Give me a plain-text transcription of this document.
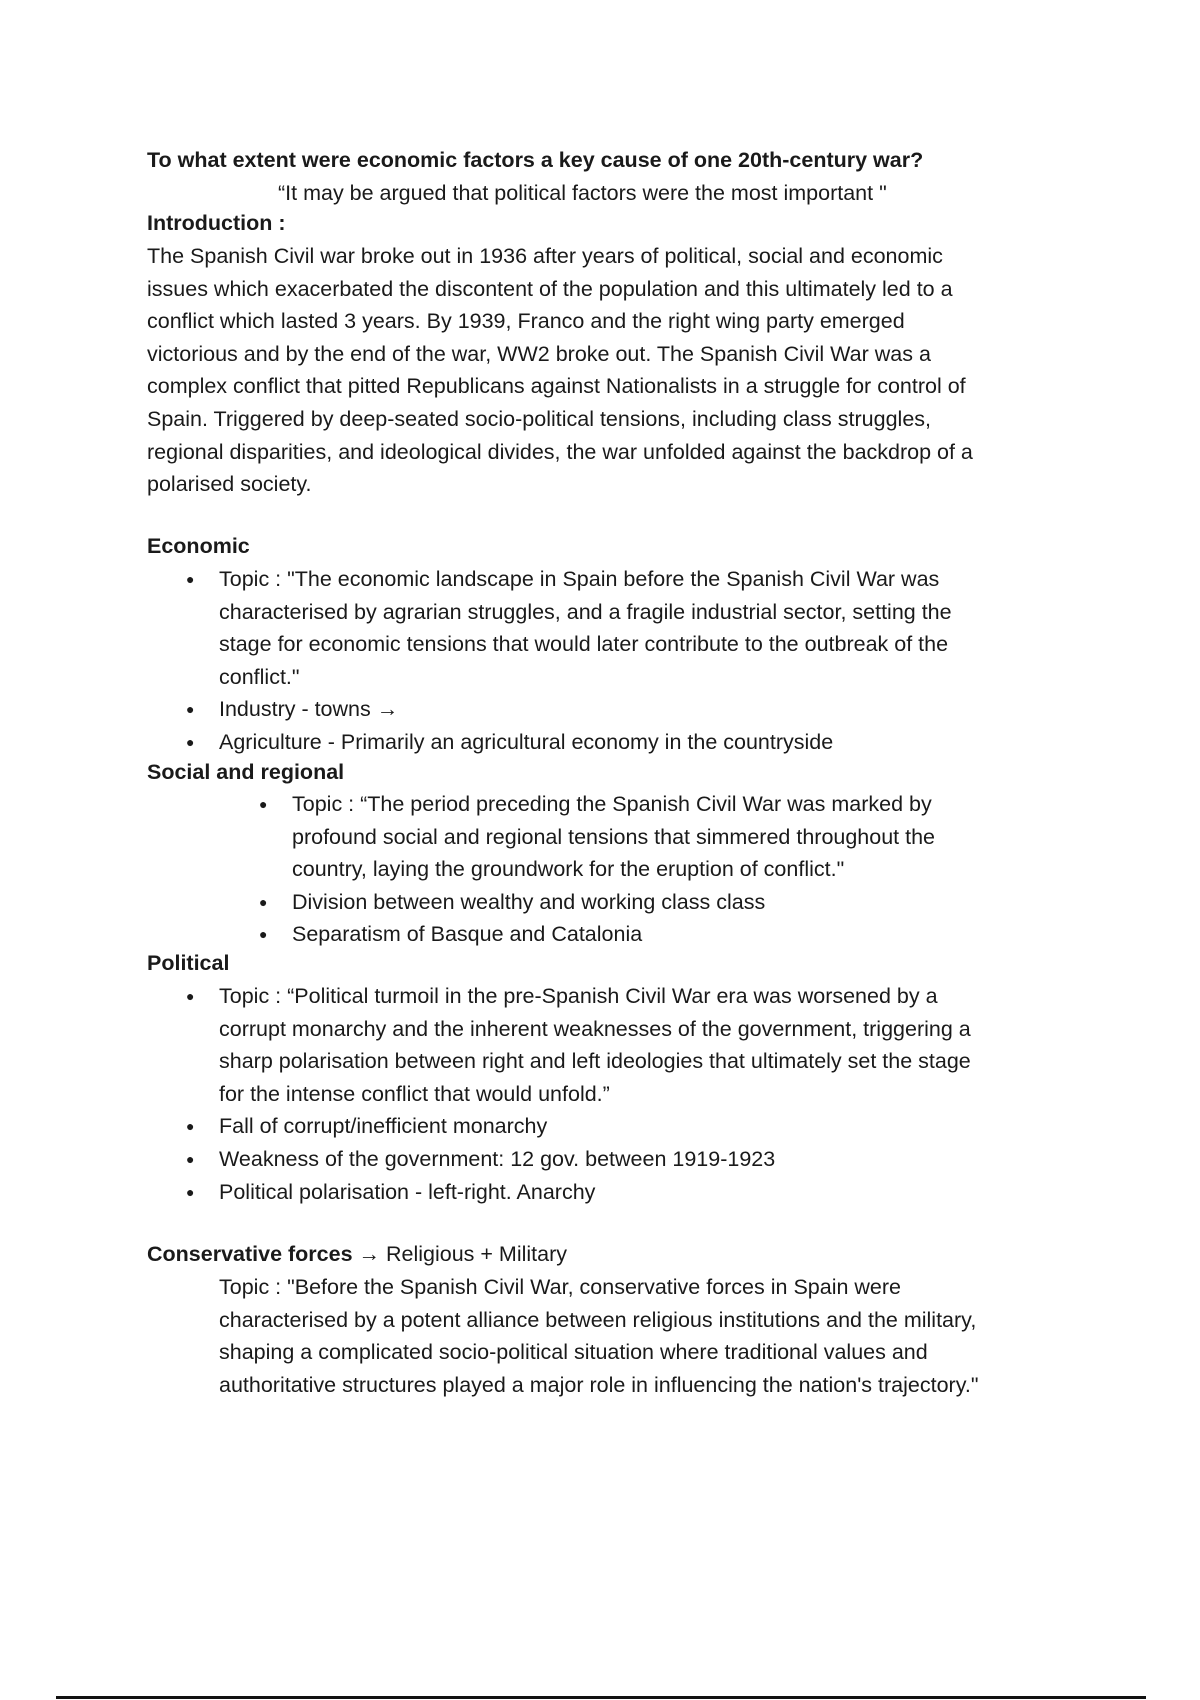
To what extent were economic factors a key cause of one 20th-century war?
“It may be argued that political factors were the most important "
Introduction :
The Spanish Civil war broke out in 1936 after years of political, social and economic
issues which exacerbated the discontent of the population and this ultimately led to a
conflict which lasted 3 years. By 1939, Franco and the right wing party emerged
victorious and by the end of the war, WW2 broke out. The Spanish Civil War was a
complex conflict that pitted Republicans against Nationalists in a struggle for control of
Spain. Triggered by deep-seated socio-political tensions, including class struggles,
regional disparities, and ideological divides, the war unfolded against the backdrop of a
polarised society.
Economic
● Topic : "The economic landscape in Spain before the Spanish Civil War was
characterised by agrarian struggles, and a fragile industrial sector, setting the
stage for economic tensions that would later contribute to the outbreak of the
conflict."
● Industry - towns →
● Agriculture - Primarily an agricultural economy in the countryside
Social and regional
● Topic : “The period preceding the Spanish Civil War was marked by
profound social and regional tensions that simmered throughout the
country, laying the groundwork for the eruption of conflict."
● Division between wealthy and working class class
● Separatism of Basque and Catalonia
Political
● Topic : “Political turmoil in the pre-Spanish Civil War era was worsened by a
corrupt monarchy and the inherent weaknesses of the government, triggering a
sharp polarisation between right and left ideologies that ultimately set the stage
for the intense conflict that would unfold.”
● Fall of corrupt/inefficient monarchy
● Weakness of the government: 12 gov. between 1919-1923
● Political polarisation - left-right. Anarchy
Conservative forces → Religious + Military
Topic : "Before the Spanish Civil War, conservative forces in Spain were
characterised by a potent alliance between religious institutions and the military,
shaping a complicated socio-political situation where traditional values and
authoritative structures played a major role in influencing the nation's trajectory."
